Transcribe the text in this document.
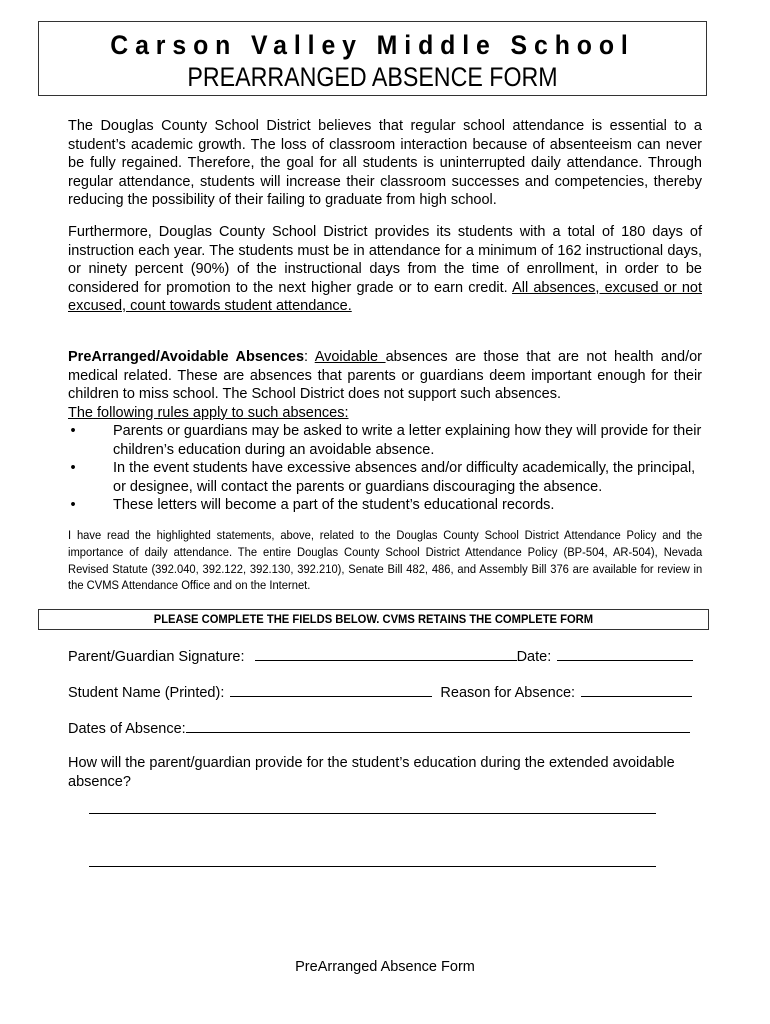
Carson Valley Middle School
PREARRANGED ABSENCE FORM
The Douglas County School District believes that regular school attendance is essential to a student’s academic growth. The loss of classroom interaction because of absenteeism can never be fully regained. Therefore, the goal for all students is uninterrupted daily attendance. Through regular attendance, students will increase their classroom successes and competencies, thereby reducing the possibility of their failing to graduate from high school.
Furthermore, Douglas County School District provides its students with a total of 180 days of instruction each year. The students must be in attendance for a minimum of 162 instructional days, or ninety percent (90%) of the instructional days from the time of enrollment, in order to be considered for promotion to the next higher grade or to earn credit. All absences, excused or not excused, count towards student attendance.
PreArranged/Avoidable Absences: Avoidable absences are those that are not health and/or medical related. These are absences that parents or guardians deem important enough for their children to miss school. The School District does not support such absences.
The following rules apply to such absences:
•	Parents or guardians may be asked to write a letter explaining how they will provide for their children’s education during an avoidable absence.
•	In the event students have excessive absences and/or difficulty academically, the principal, or designee, will contact the parents or guardians discouraging the absence.
•	These letters will become a part of the student’s educational records.
I have read the highlighted statements, above, related to the Douglas County School District Attendance Policy and the importance of daily attendance. The entire Douglas County School District Attendance Policy (BP-504, AR-504), Nevada Revised Statute (392.040, 392.122, 392.130, 392.210), Senate Bill 482, 486, and Assembly Bill 376 are available for review in the CVMS Attendance Office and on the Internet.
PLEASE COMPLETE THE FIELDS BELOW. CVMS RETAINS THE COMPLETE FORM
Parent/Guardian Signature:	Date:
Student Name (Printed):	Reason for Absence:
Dates of Absence:
How will the parent/guardian provide for the student’s education during the extended avoidable absence?
PreArranged Absence Form
